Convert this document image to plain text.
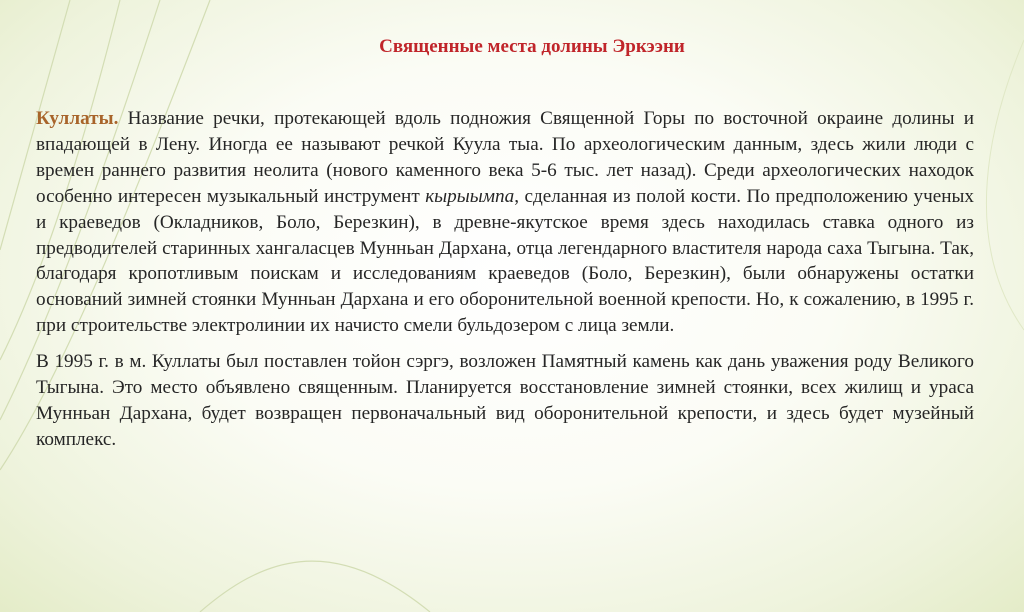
Священные места долины Эркээни

Куллаты. Название речки, протекающей вдоль подножия Священной Горы по восточной окраине долины и впадающей в Лену. Иногда ее называют речкой Куула тыа. По археологическим данным, здесь жили люди с времен раннего развития неолита (нового каменного века 5-6 тыс. лет назад). Среди археологических находок особенно интересен музыкальный инструмент кырыымпа, сделанная из полой кости. По предположению ученых и краеведов (Окладников, Боло, Березкин), в древне-якутское время здесь находилась ставка одного из предводителей старинных хангаласцев Мунньан Дархана, отца легендарного властителя народа саха Тыгына. Так, благодаря кропотливым поискам и исследованиям краеведов (Боло, Березкин), были обнаружены остатки оснований зимней стоянки Мунньан Дархана и его оборонительной военной крепости. Но, к сожалению, в 1995 г. при строительстве электролинии их начисто смели бульдозером с лица земли.

В 1995 г. в м. Куллаты был поставлен тойон сэргэ, возложен Памятный камень как дань уважения роду Великого Тыгына. Это место объявлено священным. Планируется восстановление зимней стоянки, всех жилищ и ураса Мунньан Дархана, будет возвращен первоначальный вид оборонительной крепости, и здесь будет музейный комплекс.
